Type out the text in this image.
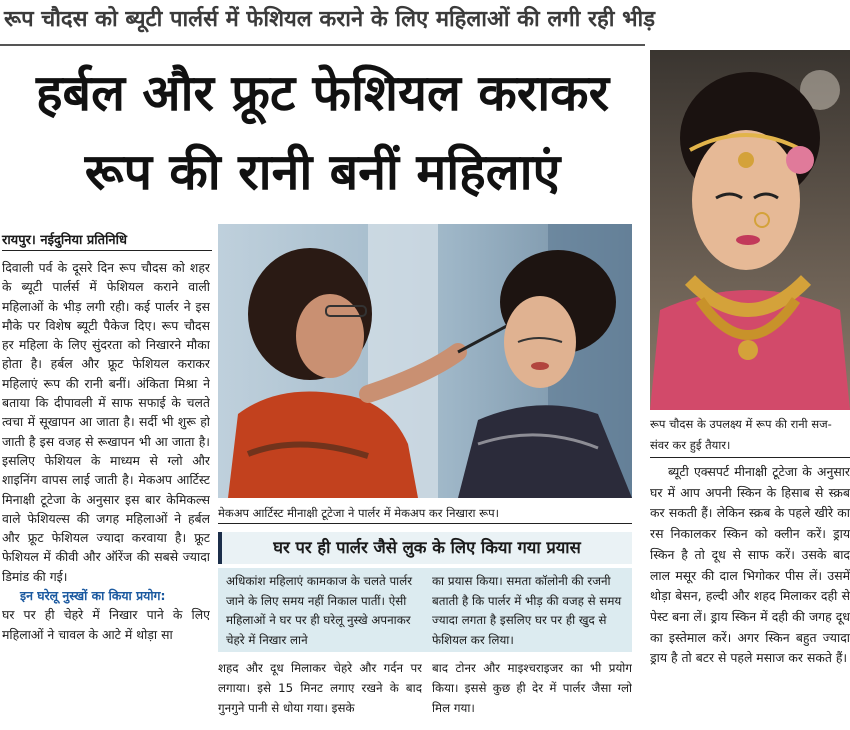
रूप चौदस को ब्यूटी पार्लर्स में फेशियल कराने के लिए महिलाओं की लगी रही भीड़
हर्बल और फ्रूट फेशियल कराकर
रूप की रानी बनीं महिलाएं
रायपुर। नईदुनिया प्रतिनिधि

दिवाली पर्व के दूसरे दिन रूप चौदस को शहर के ब्यूटी पार्लर्स में फेशियल कराने वाली महिलाओं के भीड़ लगी रही। कई पार्लर ने इस मौके पर विशेष ब्यूटी पैकेज दिए। रूप चौदस हर महिला के लिए सुंदरता को निखारने मौका होता है। हर्बल और फ्रूट फेशियल कराकर महिलाएं रूप की रानी बनीं। अंकिता मिश्रा ने बताया कि दीपावली में साफ सफाई के चलते त्वचा में सूखापन आ जाता है। सर्दी भी शुरू हो जाती है इस वजह से रूखापन भी आ जाता है। इसलिए फेशियल के माध्यम से ग्लो और शाइनिंग वापस लाई जाती है। मेकअप आर्टिस्ट मिनाक्षी टूटेजा के अनुसार इस बार केमिकल्स वाले फेशियल्स की जगह महिलाओं ने हर्बल और फ्रूट फेशियल ज्यादा करवाया है। फ्रूट फेशियल में कीवी और ऑरेंज की सबसे ज्यादा डिमांड की गई।

इन घरेलू नुस्खों का किया प्रयोग:

घर पर ही चेहरे में निखार पाने के लिए महिलाओं ने चावल के आटे में थोड़ा सा

मेकअप आर्टिस्ट मीनाक्षी टूटेजा ने पार्लर में मेकअप कर निखारा रूप।
घर पर ही पार्लर जैसे लुक के लिए किया गया प्रयास
अधिकांश महिलाएं कामकाज के चलते पार्लर जाने के लिए समय नहीं निकाल पातीं। ऐसी महिलाओं ने घर पर ही घरेलू नुस्खे अपनाकर चेहरे में निखार लाने
का प्रयास किया। समता कॉलोनी की रजनी बताती है कि पार्लर में भीड़ की वजह से समय ज्यादा लगता है इसलिए घर पर ही खुद से फेशियल कर लिया।
शहद और दूध मिलाकर चेहरे और गर्दन पर लगाया। इसे 15 मिनट लगाए रखने के बाद गुनगुने पानी से धोया गया। इसके
बाद टोनर और माइश्चराइजर का भी प्रयोग किया। इससे कुछ ही देर में पार्लर जैसा ग्लो मिल गया।
रूप चौदस के उपलक्ष्य में रूप की रानी सज-संवर कर हुई तैयार।

ब्यूटी एक्सपर्ट मीनाक्षी टूटेजा के अनुसार घर में आप अपनी स्किन के हिसाब से स्क्रब कर सकती हैं। लेकिन स्क्रब के पहले खीरे का रस निकालकर स्किन को क्लीन करें। ड्राय स्किन है तो दूध से साफ करें। उसके बाद लाल मसूर की दाल भिगोकर पीस लें। उसमें थोड़ा बेसन, हल्दी और शहद मिलाकर दही से पेस्ट बना लें। ड्राय स्किन में दही की जगह दूध का इस्तेमाल करें। अगर स्किन बहुत ज्यादा ड्राय है तो बटर से पहले मसाज कर सकते हैं।
